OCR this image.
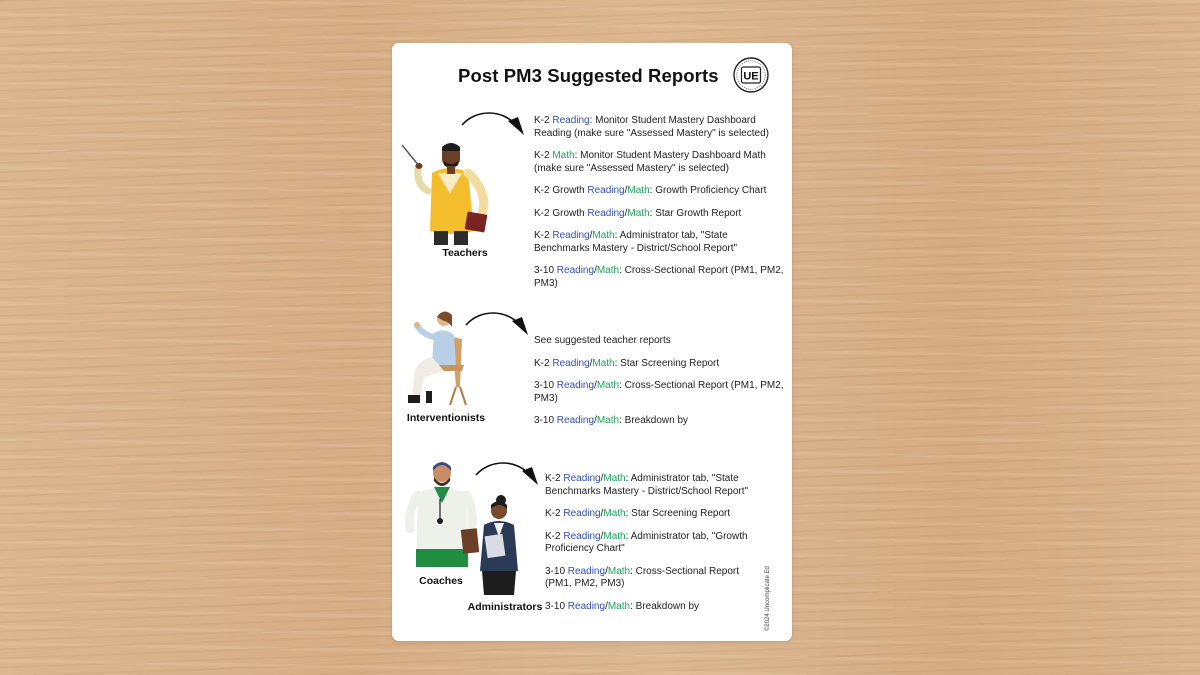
Post PM3 Suggested Reports	UE
Teachers
K-2 Reading: Monitor Student Mastery Dashboard Reading (make sure "Assessed Mastery" is selected)
K-2 Math: Monitor Student Mastery Dashboard Math (make sure "Assessed Mastery" is selected)
K-2 Growth Reading/Math: Growth Proficiency Chart
K-2 Growth Reading/Math: Star Growth Report
K-2 Reading/Math: Administrator tab, "State Benchmarks Mastery - District/School Report"
3-10 Reading/Math: Cross-Sectional Report (PM1, PM2, PM3)
Interventionists
See suggested teacher reports
K-2 Reading/Math: Star Screening Report
3-10 Reading/Math: Cross-Sectional Report (PM1, PM2, PM3)
3-10 Reading/Math: Breakdown by
Coaches
Administrators
K-2 Reading/Math: Administrator tab, "State Benchmarks Mastery - District/School Report"
K-2 Reading/Math: Star Screening Report
K-2 Reading/Math: Administrator tab, "Growth Proficiency Chart"
3-10 Reading/Math: Cross-Sectional Report (PM1, PM2, PM3)
3-10 Reading/Math: Breakdown by	©2024 Uncomplicate Ed
